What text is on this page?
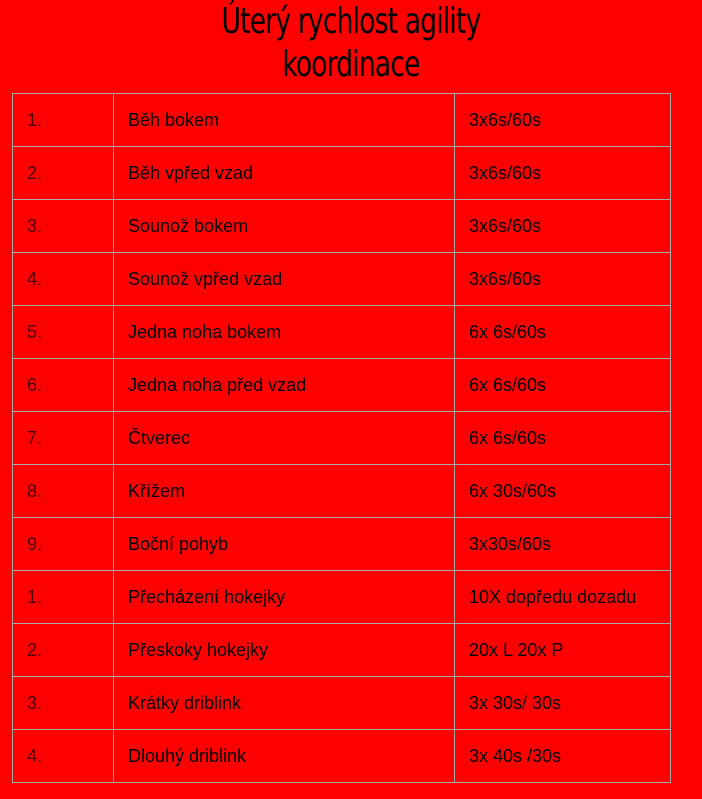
Úterý rychlost agility
koordinace
1.	Běh bokem	3x6s/60s
2.	Běh vpřed vzad	3x6s/60s
3.	Sounož bokem	3x6s/60s
4.	Sounož vpřed vzad	3x6s/60s
5.	Jedna noha bokem	6x 6s/60s
6.	Jedna noha před vzad	6x 6s/60s
7.	Čtverec	6x 6s/60s
8.	Křížem	6x 30s/60s
9.	Boční pohyb	3x30s/60s
1.	Přecházení hokejky	10X dopředu dozadu
2.	Přeskoky hokejky	20x L 20x P
3.	Krátky driblink	3x 30s/ 30s
4.	Dlouhý driblink	3x 40s /30s
